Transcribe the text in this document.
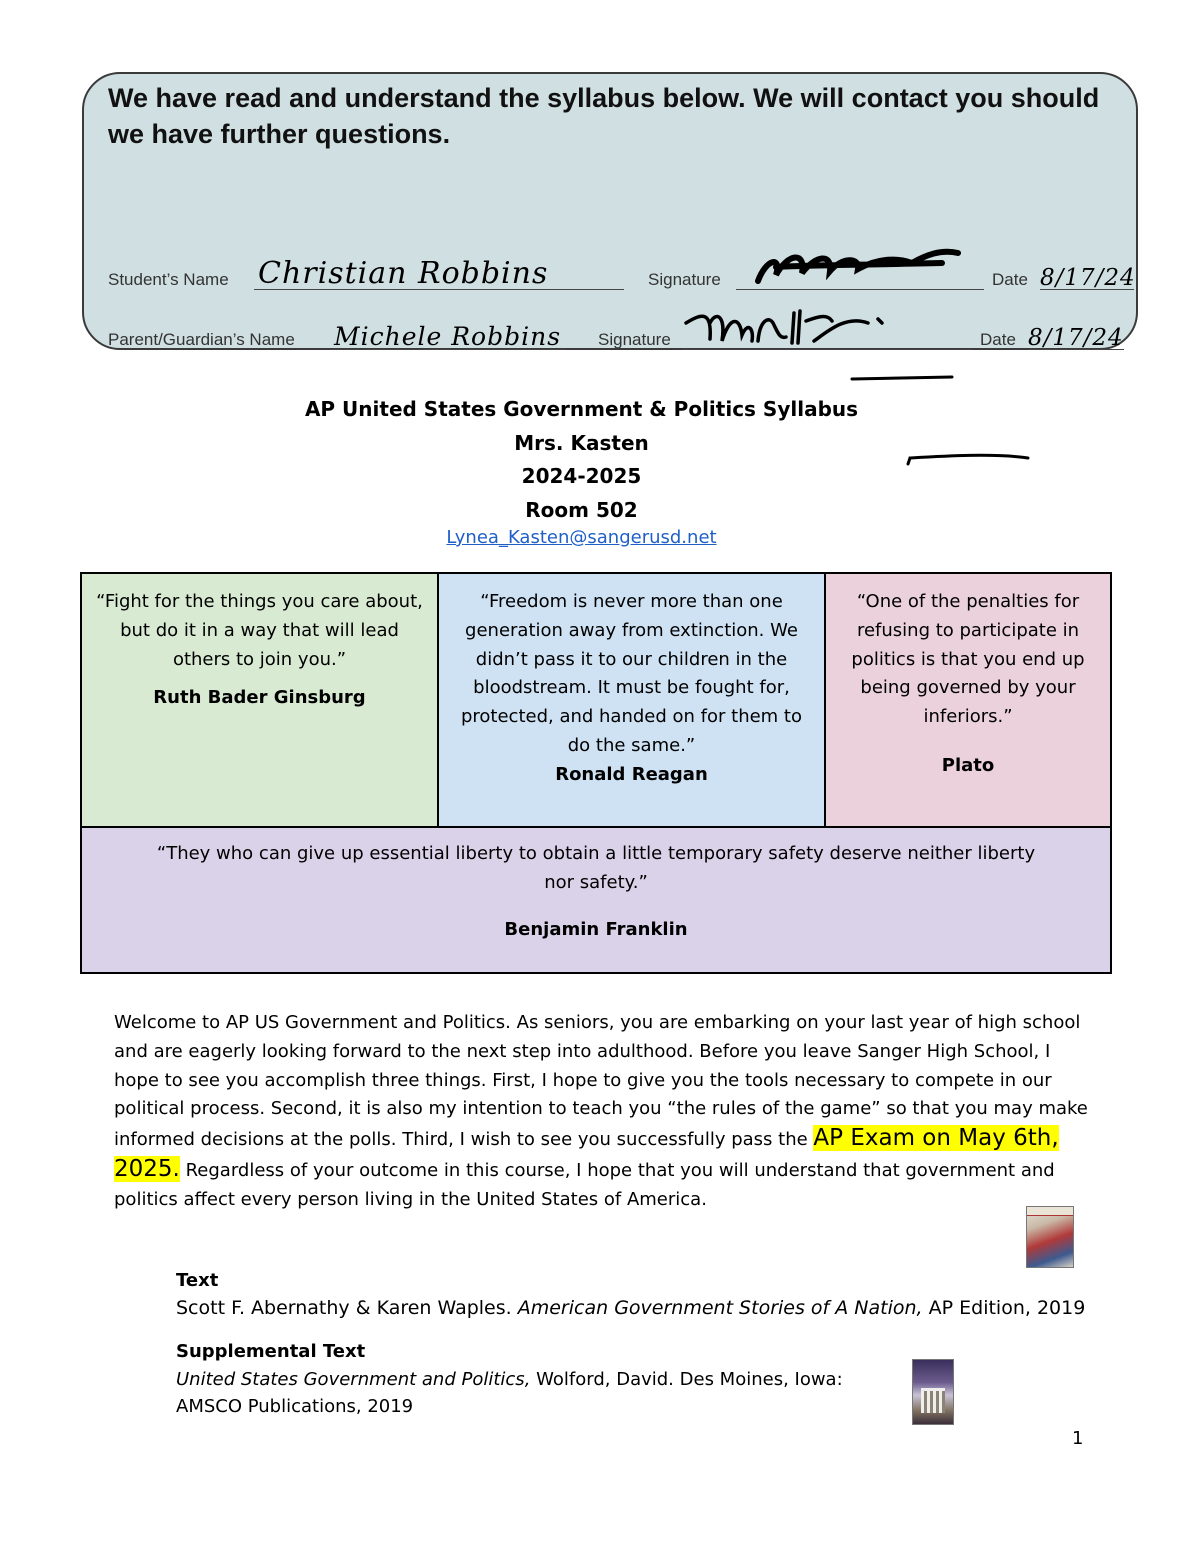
We have read and understand the syllabus below. We will contact you should we have further questions.
Student’s Name Christian Robbins	Signature	Date 8/17/24
Parent/Guardian’s Name Michele Robbins Signature	Date 8/17/24
AP United States Government & Politics Syllabus
Mrs. Kasten
2024-2025
Room 502
Lynea_Kasten@sangerusd.net
“Fight for the things you care about, but do it in a way that will lead others to join you.”
Ruth Bader Ginsburg
“Freedom is never more than one generation away from extinction. We didn’t pass it to our children in the bloodstream. It must be fought for, protected, and handed on for them to do the same.”
Ronald Reagan
“One of the penalties for refusing to participate in politics is that you end up being governed by your inferiors.”
Plato
“They who can give up essential liberty to obtain a little temporary safety deserve neither liberty nor safety.”
Benjamin Franklin
Welcome to AP US Government and Politics. As seniors, you are embarking on your last year of high school and are eagerly looking forward to the next step into adulthood. Before you leave Sanger High School, I hope to see you accomplish three things. First, I hope to give you the tools necessary to compete in our political process. Second, it is also my intention to teach you “the rules of the game” so that you may make informed decisions at the polls. Third, I wish to see you successfully pass the AP Exam on May 6th, 2025. Regardless of your outcome in this course, I hope that you will understand that government and politics affect every person living in the United States of America.
Text
Scott F. Abernathy & Karen Waples. American Government Stories of A Nation, AP Edition, 2019
Supplemental Text
United States Government and Politics, Wolford, David. Des Moines, Iowa:
AMSCO Publications, 2019
1
